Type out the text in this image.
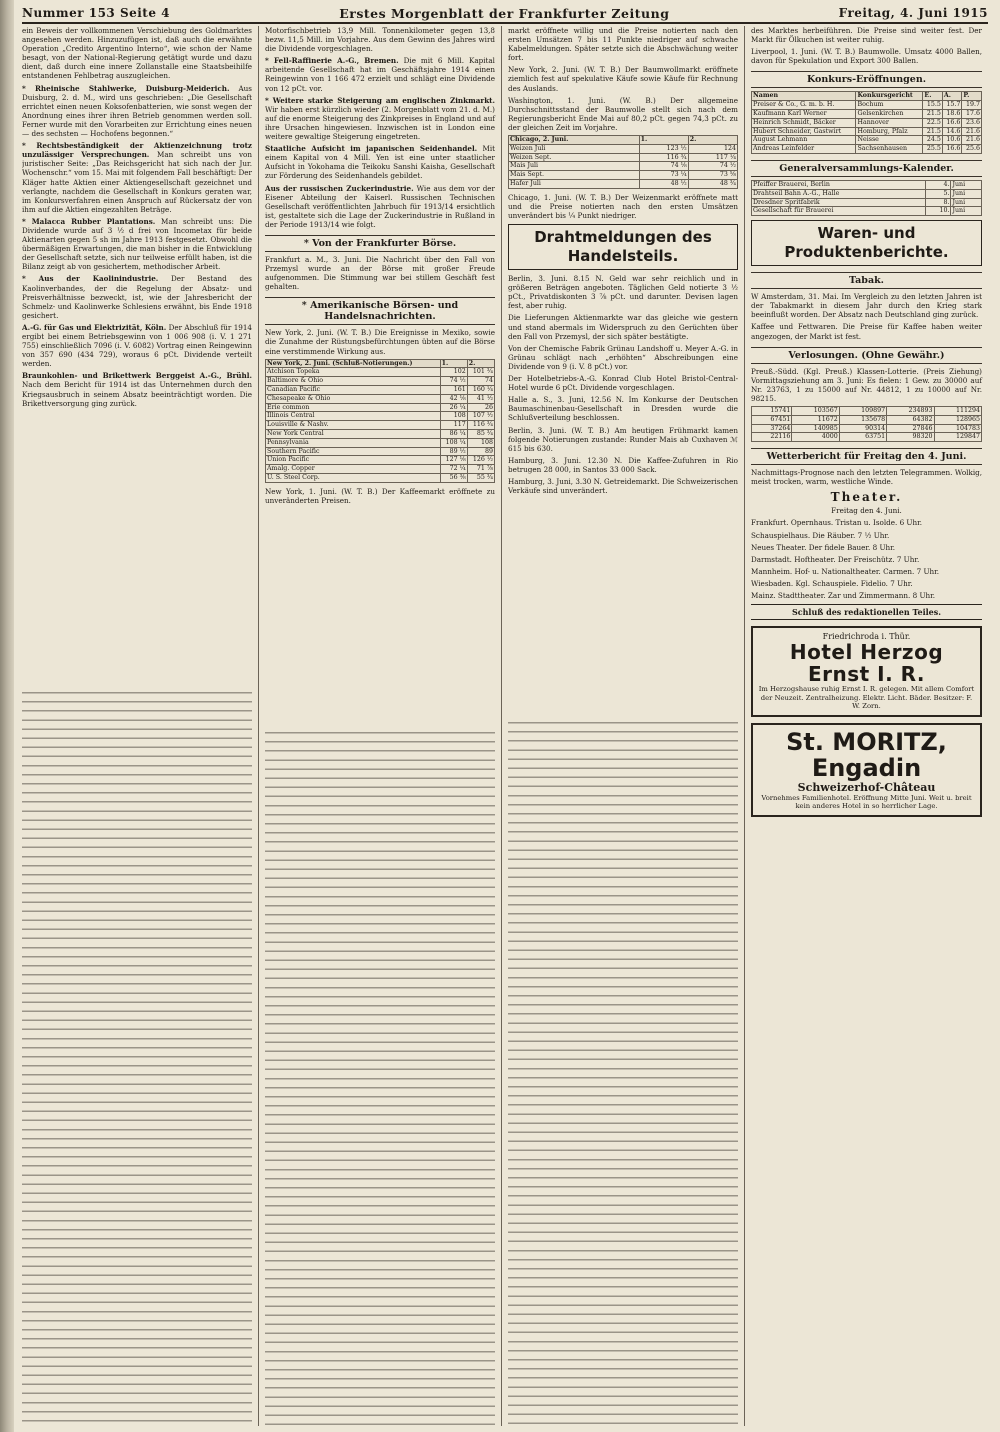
Nummer 153 Seite 4	Erstes Morgenblatt der Frankfurter Zeitung	Freitag, 4. Juni 1915

ein Beweis der vollkommenen Verschiebung des Goldmarktes angesehen werden. Hinzuzufügen ist, daß auch die erwähnte Operation „Credito Argentino Interno“, wie schon der Name besagt, von der National-Regierung getätigt wurde und dazu dient, daß durch eine innere Zollanstalle eine Staatsbeihilfe entstandenen Fehlbetrag auszugleichen.

* Rheinische Stahlwerke, Duisburg-Meiderich. Aus Duisburg, 2. d. M., wird uns geschrieben: „Die Gesellschaft errichtet einen neuen Koksofenbatterien, wie sonst wegen der Anordnung eines ihrer ihren Betrieb genommen werden soll. Ferner wurde mit den Vorarbeiten zur Errichtung eines neuen — des sechsten — Hochofens begonnen.“

* Rechtsbeständigkeit der Aktienzeichnung trotz unzulässiger Versprechungen. Man schreibt uns von juristischer Seite: „Das Reichsgericht hat sich nach der Jur. Wochenschr.“ vom 15. Mai mit folgendem Fall beschäftigt: Der Kläger hatte Aktien einer Aktiengesellschaft gezeichnet und verlangte, nachdem die Gesellschaft in Konkurs geraten war, im Konkursverfahren einen Anspruch auf Rückersatz der von ihm auf die Aktien eingezahlten Beträge.

* Malacca Rubber Plantations. Man schreibt uns: Die Dividende wurde auf 3 ½ d frei von Incometax für beide Aktienarten gegen 5 sh im Jahre 1913 festgesetzt. Obwohl die übermäßigen Erwartungen, die man bisher in die Entwicklung der Gesellschaft setzte, sich nur teilweise erfüllt haben, ist die Bilanz zeigt ab von gesichertem, methodischer Arbeit.

* Aus der Kaolinindustrie. Der Bestand des Kaolinverbandes, der die Regelung der Absatz- und Preisverhältnisse bezweckt, ist, wie der Jahresbericht der Schmelz- und Kaolinwerke Schlesiens erwähnt, bis Ende 1918 gesichert.

A.-G. für Gas und Elektrizität, Köln. Der Abschluß für 1914 ergibt bei einem Betriebsgewinn von 1 006 908 (i. V. 1 271 755) einschließlich 7096 (i. V. 6082) Vortrag einen Reingewinn von 357 690 (434 729), woraus 6 pCt. Dividende verteilt werden.

Braunkohlen- und Brikettwerk Berggeist A.-G., Brühl. Nach dem Bericht für 1914 ist das Unternehmen durch den Kriegsausbruch in seinem Absatz beeinträchtigt worden. Die Brikettversorgung ging zurück.

Motorfischbetrieb 13,9 Mill. Tonnenkilometer gegen 13,8 bezw. 11,5 Mill. im Vorjahre. Aus dem Gewinn des Jahres wird die Dividende vorgeschlagen.

* Fell-Raffinerie A.-G., Bremen. Die mit 6 Mill. Kapital arbeitende Gesellschaft hat im Geschäftsjahre 1914 einen Reingewinn von 1 166 472 erzielt und schlägt eine Dividende von 12 pCt. vor.

* Weitere starke Steigerung am englischen Zinkmarkt. Wir haben erst kürzlich wieder (2. Morgenblatt vom 21. d. M.) auf die enorme Steigerung des Zinkpreises in England und auf ihre Ursachen hingewiesen. Inzwischen ist in London eine weitere gewaltige Steigerung eingetreten.

Staatliche Aufsicht im japanischen Seidenhandel. Mit einem Kapital von 4 Mill. Yen ist eine unter staatlicher Aufsicht in Yokohama die Teikoku Sanshi Kaisha, Gesellschaft zur Förderung des Seidenhandels gebildet.

Aus der russischen Zuckerindustrie. Wie aus dem vor der Eisener Abteilung der Kaiserl. Russischen Technischen Gesellschaft veröffentlichten Jahrbuch für 1913/14 ersichtlich ist, gestaltete sich die Lage der Zuckerindustrie in Rußland in der Periode 1913/14 wie folgt.

* Von der Frankfurter Börse.

Frankfurt a. M., 3. Juni. Die Nachricht über den Fall von Przemysl wurde an der Börse mit großer Freude aufgenommen. Die Stimmung war bei stillem Geschäft fest gehalten.

* Amerikanische Börsen- und Handelsnachrichten.

New York, 2. Juni. (W. T. B.) Die Ereignisse in Mexiko, sowie die Zunahme der Rüstungsbefürchtungen übten auf die Börse eine verstimmende Wirkung aus.

New York, 2. Juni. (Schluß-Notierungen.)	1.	2.
Atchison Topeka	102	101 ¾
Baltimore & Ohio	74 ½	74
Canadian Pacific	161	160 ¼
Chesapeake & Ohio	42 ⅛	41 ½
Erie common	26 ¼	26
Illinois Central	108	107 ½
Louisville & Nashv.	117	116 ¾
New York Central	86 ¼	85 ¾
Pennsylvania	108 ¼	108
Southern Pacific	89 ½	89
Union Pacific	127 ⅛	126 ½
Amalg. Copper	72 ¼	71 ⅞
U. S. Steel Corp.	56 ⅜	55 ¾

New York, 1. Juni. (W. T. B.) Der Kaffeemarkt eröffnete zu unveränderten Preisen.

markt eröffnete willig und die Preise notierten nach den ersten Umsätzen 7 bis 11 Punkte niedriger auf schwache Kabelmeldungen. Später setzte sich die Abschwächung weiter fort.

New York, 2. Juni. (W. T. B.) Der Baumwollmarkt eröffnete ziemlich fest auf spekulative Käufe sowie Käufe für Rechnung des Auslands.

Washington, 1. Juni. (W. B.) Der allgemeine Durchschnittsstand der Baumwolle stellt sich nach dem Regierungsbericht Ende Mai auf 80,2 pCt. gegen 74,3 pCt. zu der gleichen Zeit im Vorjahre.

Chicago, 2. Juni.	1.	2.
Weizen Juli	123 ½	124
Weizen Sept.	116 ¾	117 ¼
Mais Juli	74 ⅛	74 ½
Mais Sept.	73 ¼	73 ⅝
Hafer Juli	48 ½	48 ¾

Chicago, 1. Juni. (W. T. B.) Der Weizenmarkt eröffnete matt und die Preise notierten nach den ersten Umsätzen unverändert bis ¼ Punkt niedriger.

Drahtmeldungen des Handelsteils.

Berlin, 3. Juni. 8.15 N. Geld war sehr reichlich und in größeren Beträgen angeboten. Täglichen Geld notierte 3 ½ pCt., Privatdiskonten 3 ⅞ pCt. und darunter. Devisen lagen fest, aber ruhig.

Die Lieferungen Aktienmarkte war das gleiche wie gestern und stand abermals im Widerspruch zu den Gerüchten über den Fall von Przemysl, der sich später bestätigte.

Von der Chemische Fabrik Grünau Landshoff u. Meyer A.-G. in Grünau schlägt nach „erhöhten“ Abschreibungen eine Dividende von 9 (i. V. 8 pCt.) vor.

Der Hotelbetriebs-A.-G. Konrad Club Hotel Bristol-Central-Hotel wurde 6 pCt. Dividende vorgeschlagen.

Halle a. S., 3. Juni, 12.56 N. Im Konkurse der Deutschen Baumaschinenbau-Gesellschaft in Dresden wurde die Schlußverteilung beschlossen.

Berlin, 3. Juni. (W. T. B.) Am heutigen Frühmarkt kamen folgende Notierungen zustande: Runder Mais ab Cuxhaven ℳ 615 bis 630.

Hamburg, 3. Juni. 12.30 N. Die Kaffee-Zufuhren in Rio betrugen 28 000, in Santos 33 000 Sack.

Hamburg, 3. Juni, 3.30 N. Getreidemarkt. Die Schweizerischen Verkäufe sind unverändert.

des Marktes herbeiführen. Die Preise sind weiter fest. Der Markt für Ölkuchen ist weiter ruhig.

Liverpool, 1. Juni. (W. T. B.) Baumwolle. Umsatz 4000 Ballen, davon für Spekulation und Export 300 Ballen.

Konkurs-Eröffnungen.
Namen	Konkursgericht	E.	A.	P.
Preiser & Co., G. m. b. H.	Bochum	15.5	15.7	19.7
Kaufmann Karl Werner	Gelsenkirchen	21.5	18.6	17.6
Heinrich Schmidt, Bäcker	Hannover	22.5	16.6	23.6
Hubert Schneider, Gastwirt	Homburg, Pfalz	21.5	14.6	21.6
August Lehmann	Neisse	24.5	10.6	21.6
Andreas Leinfelder	Sachsenhausen	25.5	16.6	25.6
Generalversammlungs-Kalender.
Pfeiffer Brauerei, Berlin	4.	Juni
Drahtseil Bahn A.-G., Halle	5.	Juni
Dresdner Spritfabrik	8.	Juni
Gesellschaft für Brauerei	10.	Juni
Waren- und Produktenberichte.
Tabak.

W Amsterdam, 31. Mai. Im Vergleich zu den letzten Jahren ist der Tabakmarkt in diesem Jahr durch den Krieg stark beeinflußt worden. Der Absatz nach Deutschland ging zurück.

Kaffee und Fettwaren. Die Preise für Kaffee haben weiter angezogen, der Markt ist fest.

Verlosungen. (Ohne Gewähr.)

Preuß.-Südd. (Kgl. Preuß.) Klassen-Lotterie. (Preis Ziehung) Vormittagsziehung am 3. Juni: Es fielen: 1 Gew. zu 30000 auf Nr. 23763, 1 zu 15000 auf Nr. 44812, 1 zu 10000 auf Nr. 98215.

15741	103567	109897	234893	111294
67451	11672	135678	64382	128965
37264	140985	90314	27846	104783
22116	4000	63751	98320	129847
Wetterbericht für Freitag den 4. Juni.

Nachmittags-Prognose nach den letzten Telegrammen. Wolkig, meist trocken, warm, westliche Winde.

Theater.

Freitag den 4. Juni.

Frankfurt. Opernhaus. Tristan u. Isolde. 6 Uhr.

Schauspielhaus. Die Räuber. 7 ½ Uhr.

Neues Theater. Der fidele Bauer. 8 Uhr.

Darmstadt. Hoftheater. Der Freischütz. 7 Uhr.

Mannheim. Hof- u. Nationaltheater. Carmen. 7 Uhr.

Wiesbaden. Kgl. Schauspiele. Fidelio. 7 Uhr.

Mainz. Stadttheater. Zar und Zimmermann. 8 Uhr.

Schluß des redaktionellen Teiles.
Friedrichroda i. Thür.
Hotel Herzog Ernst I. R.
Im Herzogshause ruhig Ernst I. R. gelegen. Mit allem Comfort der Neuzeit. Zentralheizung. Elektr. Licht. Bäder. Besitzer: F. W. Zorn.
St. MORITZ, Engadin
Schweizerhof-Château
Vornehmes Familienhotel. Eröffnung Mitte Juni. Weit u. breit kein anderes Hotel in so herrlicher Lage.
